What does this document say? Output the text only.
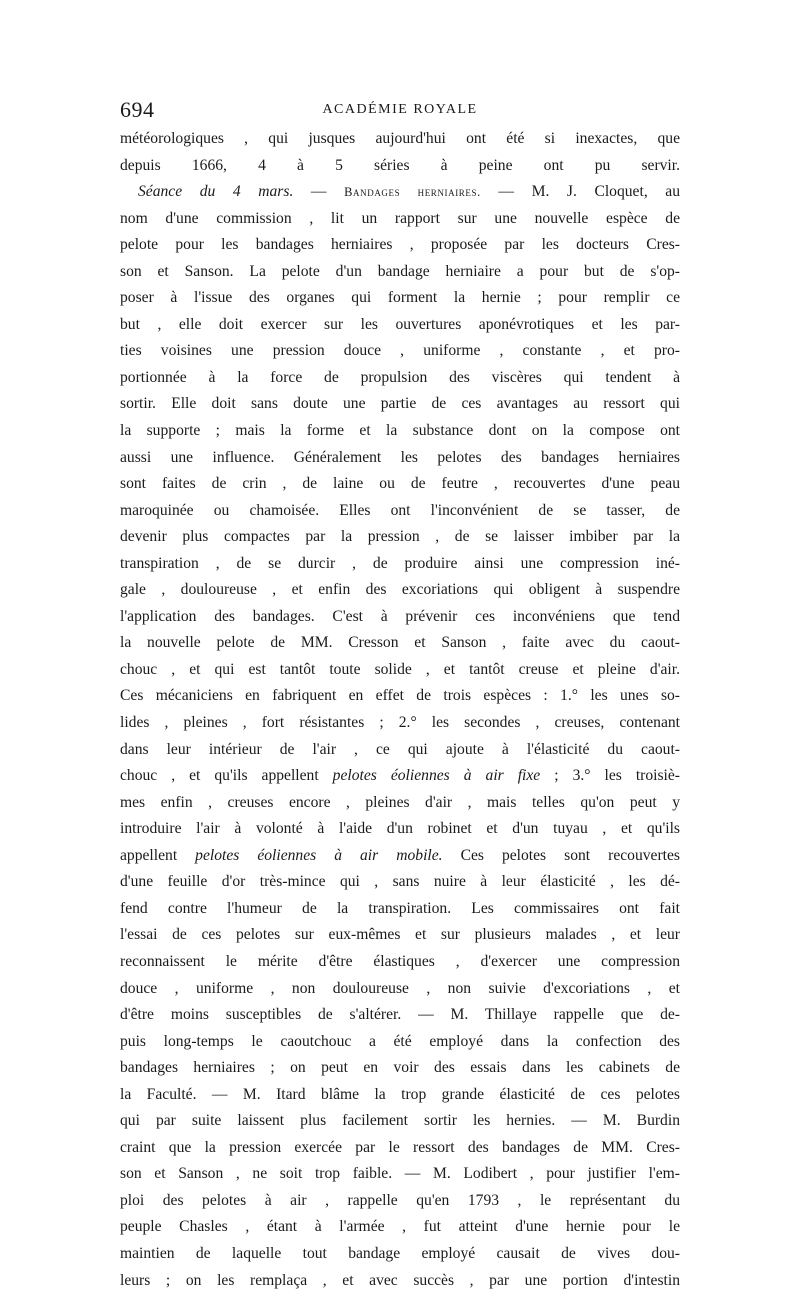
694	ACADÉMIE ROYALE
météorologiques , qui jusques aujourd'hui ont été si inexactes, que
depuis 1666, 4 à 5 séries à peine ont pu servir.
Séance du 4 mars. — Bandages herniaires. — M. J. Cloquet, au
nom d'une commission , lit un rapport sur une nouvelle espèce de
pelote pour les bandages herniaires , proposée par les docteurs Cres-
son et Sanson. La pelote d'un bandage herniaire a pour but de s'op-
poser à l'issue des organes qui forment la hernie ; pour remplir ce
but , elle doit exercer sur les ouvertures aponévrotiques et les par-
ties voisines une pression douce , uniforme , constante , et pro-
portionnée à la force de propulsion des viscères qui tendent à
sortir. Elle doit sans doute une partie de ces avantages au ressort qui
la supporte ; mais la forme et la substance dont on la compose ont
aussi une influence. Généralement les pelotes des bandages herniaires
sont faites de crin , de laine ou de feutre , recouvertes d'une peau
maroquinée ou chamoisée. Elles ont l'inconvénient de se tasser, de
devenir plus compactes par la pression , de se laisser imbiber par la
transpiration , de se durcir , de produire ainsi une compression iné-
gale , douloureuse , et enfin des excoriations qui obligent à suspendre
l'application des bandages. C'est à prévenir ces inconvéniens que tend
la nouvelle pelote de MM. Cresson et Sanson , faite avec du caout-
chouc , et qui est tantôt toute solide , et tantôt creuse et pleine d'air.
Ces mécaniciens en fabriquent en effet de trois espèces : 1.° les unes so-
lides , pleines , fort résistantes ; 2.° les secondes , creuses, contenant
dans leur intérieur de l'air , ce qui ajoute à l'élasticité du caout-
chouc , et qu'ils appellent pelotes éoliennes à air fixe ; 3.° les troisiè-
mes enfin , creuses encore , pleines d'air , mais telles qu'on peut y
introduire l'air à volonté à l'aide d'un robinet et d'un tuyau , et qu'ils
appellent pelotes éoliennes à air mobile. Ces pelotes sont recouvertes
d'une feuille d'or très-mince qui , sans nuire à leur élasticité , les dé-
fend contre l'humeur de la transpiration. Les commissaires ont fait
l'essai de ces pelotes sur eux-mêmes et sur plusieurs malades , et leur
reconnaissent le mérite d'être élastiques , d'exercer une compression
douce , uniforme , non douloureuse , non suivie d'excoriations , et
d'être moins susceptibles de s'altérer. — M. Thillaye rappelle que de-
puis long-temps le caoutchouc a été employé dans la confection des
bandages herniaires ; on peut en voir des essais dans les cabinets de
la Faculté. — M. Itard blâme la trop grande élasticité de ces pelotes
qui par suite laissent plus facilement sortir les hernies. — M. Burdin
craint que la pression exercée par le ressort des bandages de MM. Cres-
son et Sanson , ne soit trop faible. — M. Lodibert , pour justifier l'em-
ploi des pelotes à air , rappelle qu'en 1793 , le représentant du
peuple Chasles , étant à l'armée , fut atteint d'une hernie pour le
maintien de laquelle tout bandage employé causait de vives dou-
leurs ; on les remplaça , et avec succès , par une portion d'intestin
